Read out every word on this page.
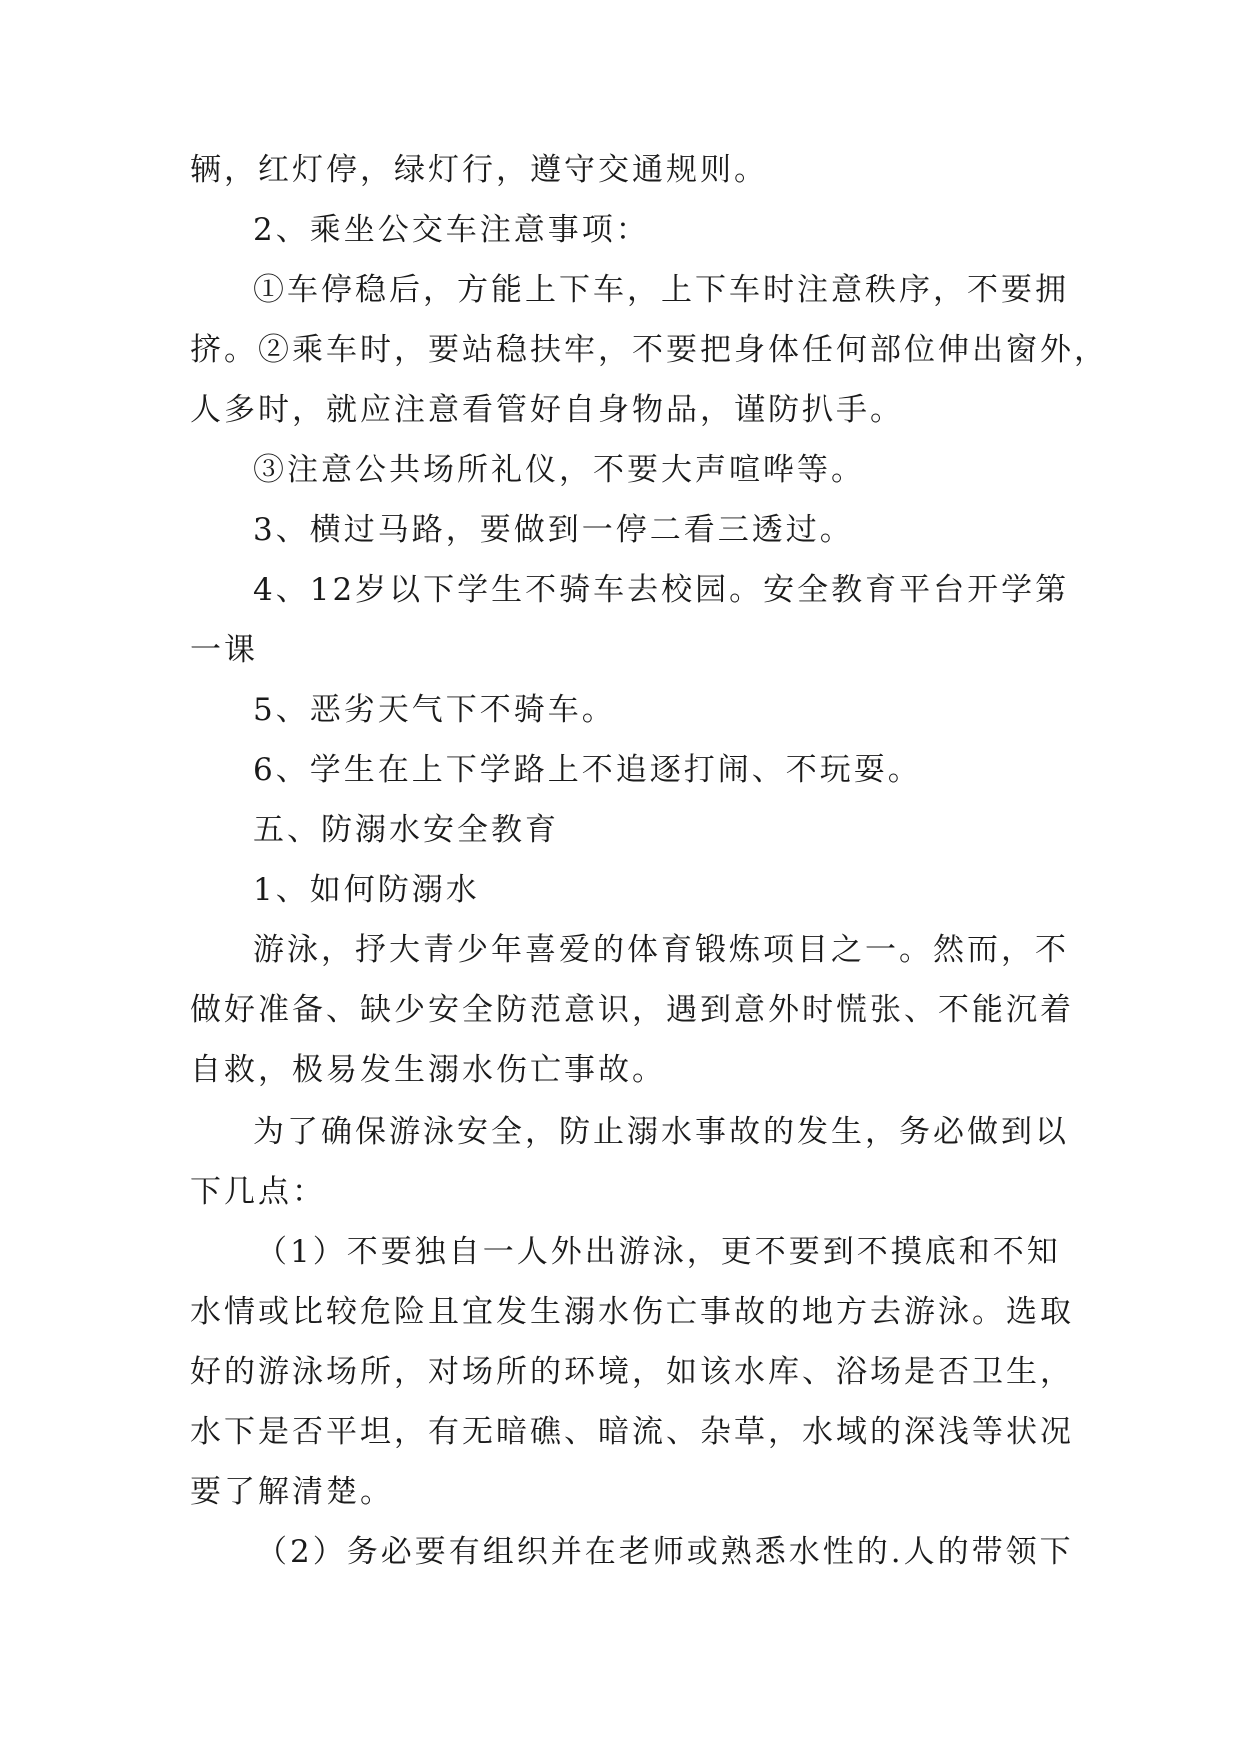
辆，红灯停，绿灯行，遵守交通规则。
2、乘坐公交车注意事项：
①车停稳后，方能上下车，上下车时注意秩序，不要拥
挤。②乘车时，要站稳扶牢，不要把身体任何部位伸出窗外，
人多时，就应注意看管好自身物品，谨防扒手。
③注意公共场所礼仪，不要大声喧哗等。
3、横过马路，要做到一停二看三透过。
4、12岁以下学生不骑车去校园。安全教育平台开学第
一课
5、恶劣天气下不骑车。
6、学生在上下学路上不追逐打闹、不玩耍。
五、防溺水安全教育
1、如何防溺水
游泳，抒大青少年喜爱的体育锻炼项目之一。然而，不
做好准备、缺少安全防范意识，遇到意外时慌张、不能沉着
自救，极易发生溺水伤亡事故。
为了确保游泳安全，防止溺水事故的发生，务必做到以
下几点：
（1）不要独自一人外出游泳，更不要到不摸底和不知
水情或比较危险且宜发生溺水伤亡事故的地方去游泳。选取
好的游泳场所，对场所的环境，如该水库、浴场是否卫生，
水下是否平坦，有无暗礁、暗流、杂草，水域的深浅等状况
要了解清楚。
（2）务必要有组织并在老师或熟悉水性的.人的带领下
